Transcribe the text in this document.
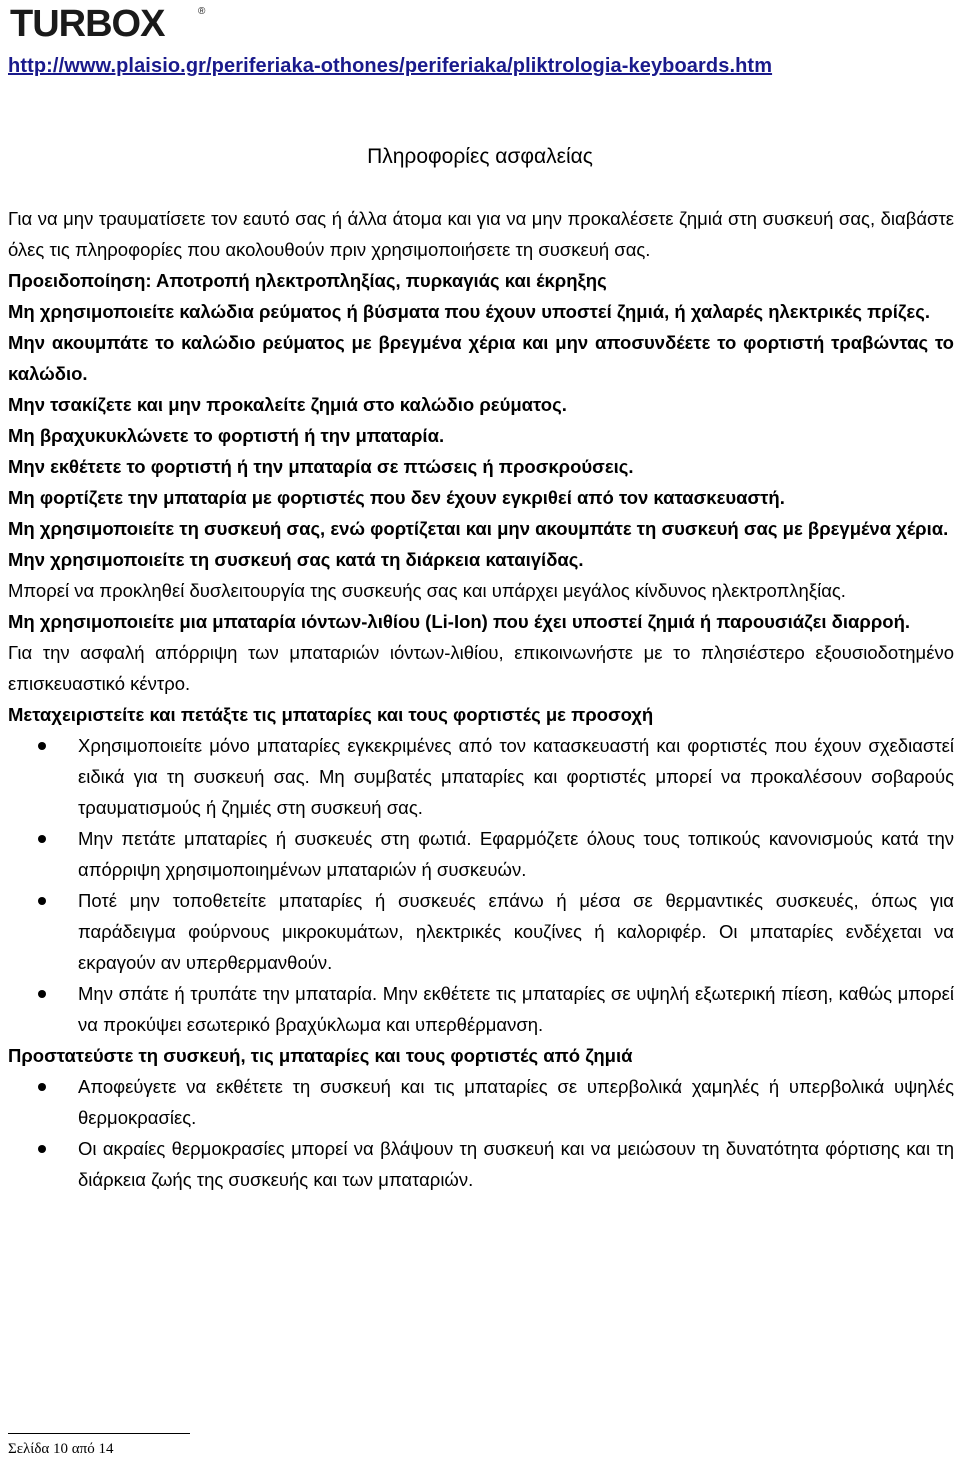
TURBOX	®
http://www.plaisio.gr/periferiaka-othones/periferiaka/pliktrologia-keyboards.htm
Πληροφορίες ασφαλείας

Για να μην τραυματίσετε τον εαυτό σας ή άλλα άτομα και για να μην προκαλέσετε ζημιά στη συσκευή σας, διαβάστε όλες τις πληροφορίες που ακολουθούν πριν χρησιμοποιήσετε τη συσκευή σας.

Προειδοποίηση: Αποτροπή ηλεκτροπληξίας, πυρκαγιάς και έκρηξης

Μη χρησιμοποιείτε καλώδια ρεύματος ή βύσματα που έχουν υποστεί ζημιά, ή χαλαρές ηλεκτρικές πρίζες.

Μην ακουμπάτε το καλώδιο ρεύματος με βρεγμένα χέρια και μην αποσυνδέετε το φορτιστή τραβώντας το καλώδιο.

Μην τσακίζετε και μην προκαλείτε ζημιά στο καλώδιο ρεύματος.

Μη βραχυκυκλώνετε το φορτιστή ή την μπαταρία.

Μην εκθέτετε το φορτιστή ή την μπαταρία σε πτώσεις ή προσκρούσεις.

Μη φορτίζετε την μπαταρία με φορτιστές που δεν έχουν εγκριθεί από τον κατασκευαστή.

Μη χρησιμοποιείτε τη συσκευή σας, ενώ φορτίζεται και μην ακουμπάτε τη συσκευή σας με βρεγμένα χέρια.

Μην χρησιμοποιείτε τη συσκευή σας κατά τη διάρκεια καταιγίδας.

Μπορεί να προκληθεί δυσλειτουργία της συσκευής σας και υπάρχει μεγάλος κίνδυνος ηλεκτροπληξίας.

Μη χρησιμοποιείτε μια μπαταρία ιόντων-λιθίου (Li-Ion) που έχει υποστεί ζημιά ή παρουσιάζει διαρροή.

Για την ασφαλή απόρριψη των μπαταριών ιόντων-λιθίου, επικοινωνήστε με το πλησιέστερο εξουσιοδοτημένο επισκευαστικό κέντρο.

Μεταχειριστείτε και πετάξτε τις μπαταρίες και τους φορτιστές με προσοχή

Χρησιμοποιείτε μόνο μπαταρίες εγκεκριμένες από τον κατασκευαστή και φορτιστές που έχουν σχεδιαστεί ειδικά για τη συσκευή σας. Μη συμβατές μπαταρίες και φορτιστές μπορεί να προκαλέσουν σοβαρούς τραυματισμούς ή ζημιές στη συσκευή σας.
Μην πετάτε μπαταρίες ή συσκευές στη φωτιά. Εφαρμόζετε όλους τους τοπικούς κανονισμούς κατά την απόρριψη χρησιμοποιημένων μπαταριών ή συσκευών.
Ποτέ μην τοποθετείτε μπαταρίες ή συσκευές επάνω ή μέσα σε θερμαντικές συσκευές, όπως για παράδειγμα φούρνους μικροκυμάτων, ηλεκτρικές κουζίνες ή καλοριφέρ. Οι μπαταρίες ενδέχεται να εκραγούν αν υπερθερμανθούν.
Μην σπάτε ή τρυπάτε την μπαταρία. Μην εκθέτετε τις μπαταρίες σε υψηλή εξωτερική πίεση, καθώς μπορεί να προκύψει εσωτερικό βραχύκλωμα και υπερθέρμανση.

Προστατεύστε τη συσκευή, τις μπαταρίες και τους φορτιστές από ζημιά

Αποφεύγετε να εκθέτετε τη συσκευή και τις μπαταρίες σε υπερβολικά χαμηλές ή υπερβολικά υψηλές θερμοκρασίες.
Οι ακραίες θερμοκρασίες μπορεί να βλάψουν τη συσκευή και να μειώσουν τη δυνατότητα φόρτισης και τη διάρκεια ζωής της συσκευής και των μπαταριών.
Σελίδα 10 από 14
